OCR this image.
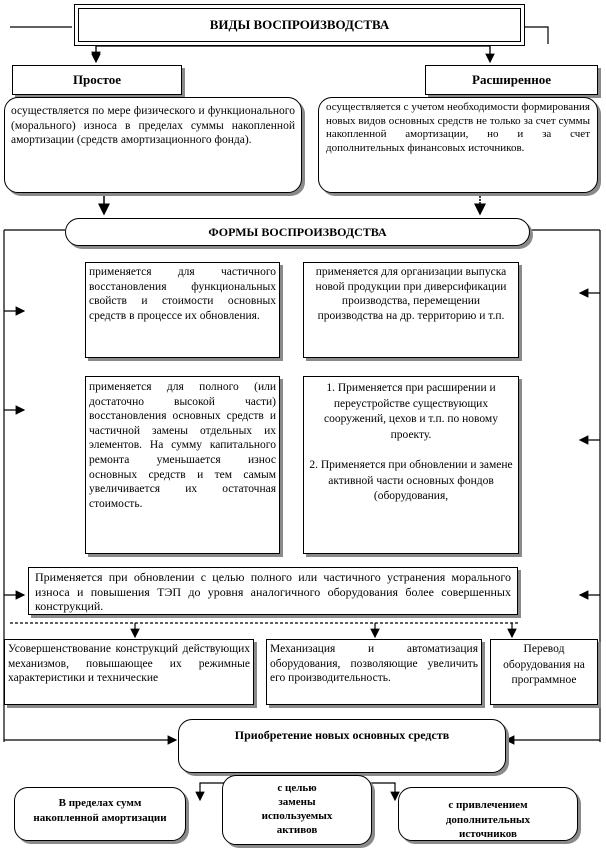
ВИДЫ ВОСПРОИЗВОДСТВА
Простое	Расширенное
осуществляется по мере физического и функционального (морального) износа в пределах суммы накопленной амортизации (средств амортизационного фонда).
осуществляется с учетом необходимости формирования новых видов основных средств не только за счет суммы накопленной амортизации, но и за счет дополнительных финансовых источников.
ФОРМЫ ВОСПРОИЗВОДСТВА
применяется для частичного восстановления функциональных свойств и стоимости основных средств в процессе их обновления.
применяется для организации выпуска новой продукции при диверсификации производства, перемещении производства на др. территорию и т.п.
применяется для полного (или достаточно высокой части) восстановления основных средств и частичной замены отдельных их элементов. На сумму капитального ремонта уменьшается износ основных средств и тем самым увеличивается их остаточная стоимость.
1. Применяется при расширении и переустройстве существующих сооружений, цехов и т.п. по новому проекту.
2. Применяется при обновлении и замене активной части основных фондов (оборудования,
Применяется при обновлении с целью полного или частичного устранения морального износа и повышения ТЭП до уровня аналогичного оборудования более совершенных конструкций.
Усовершенствование конструкций действующих механизмов, повышающее их режимные характеристики и технические
Механизация и автоматизация оборудования, позволяющие увеличить его производительность.
Перевод оборудования на программное
Приобретение новых основных средств
В пределах сумм накопленной амортизации
с целью замены используемых активов
с привлечением дополнительных источников
